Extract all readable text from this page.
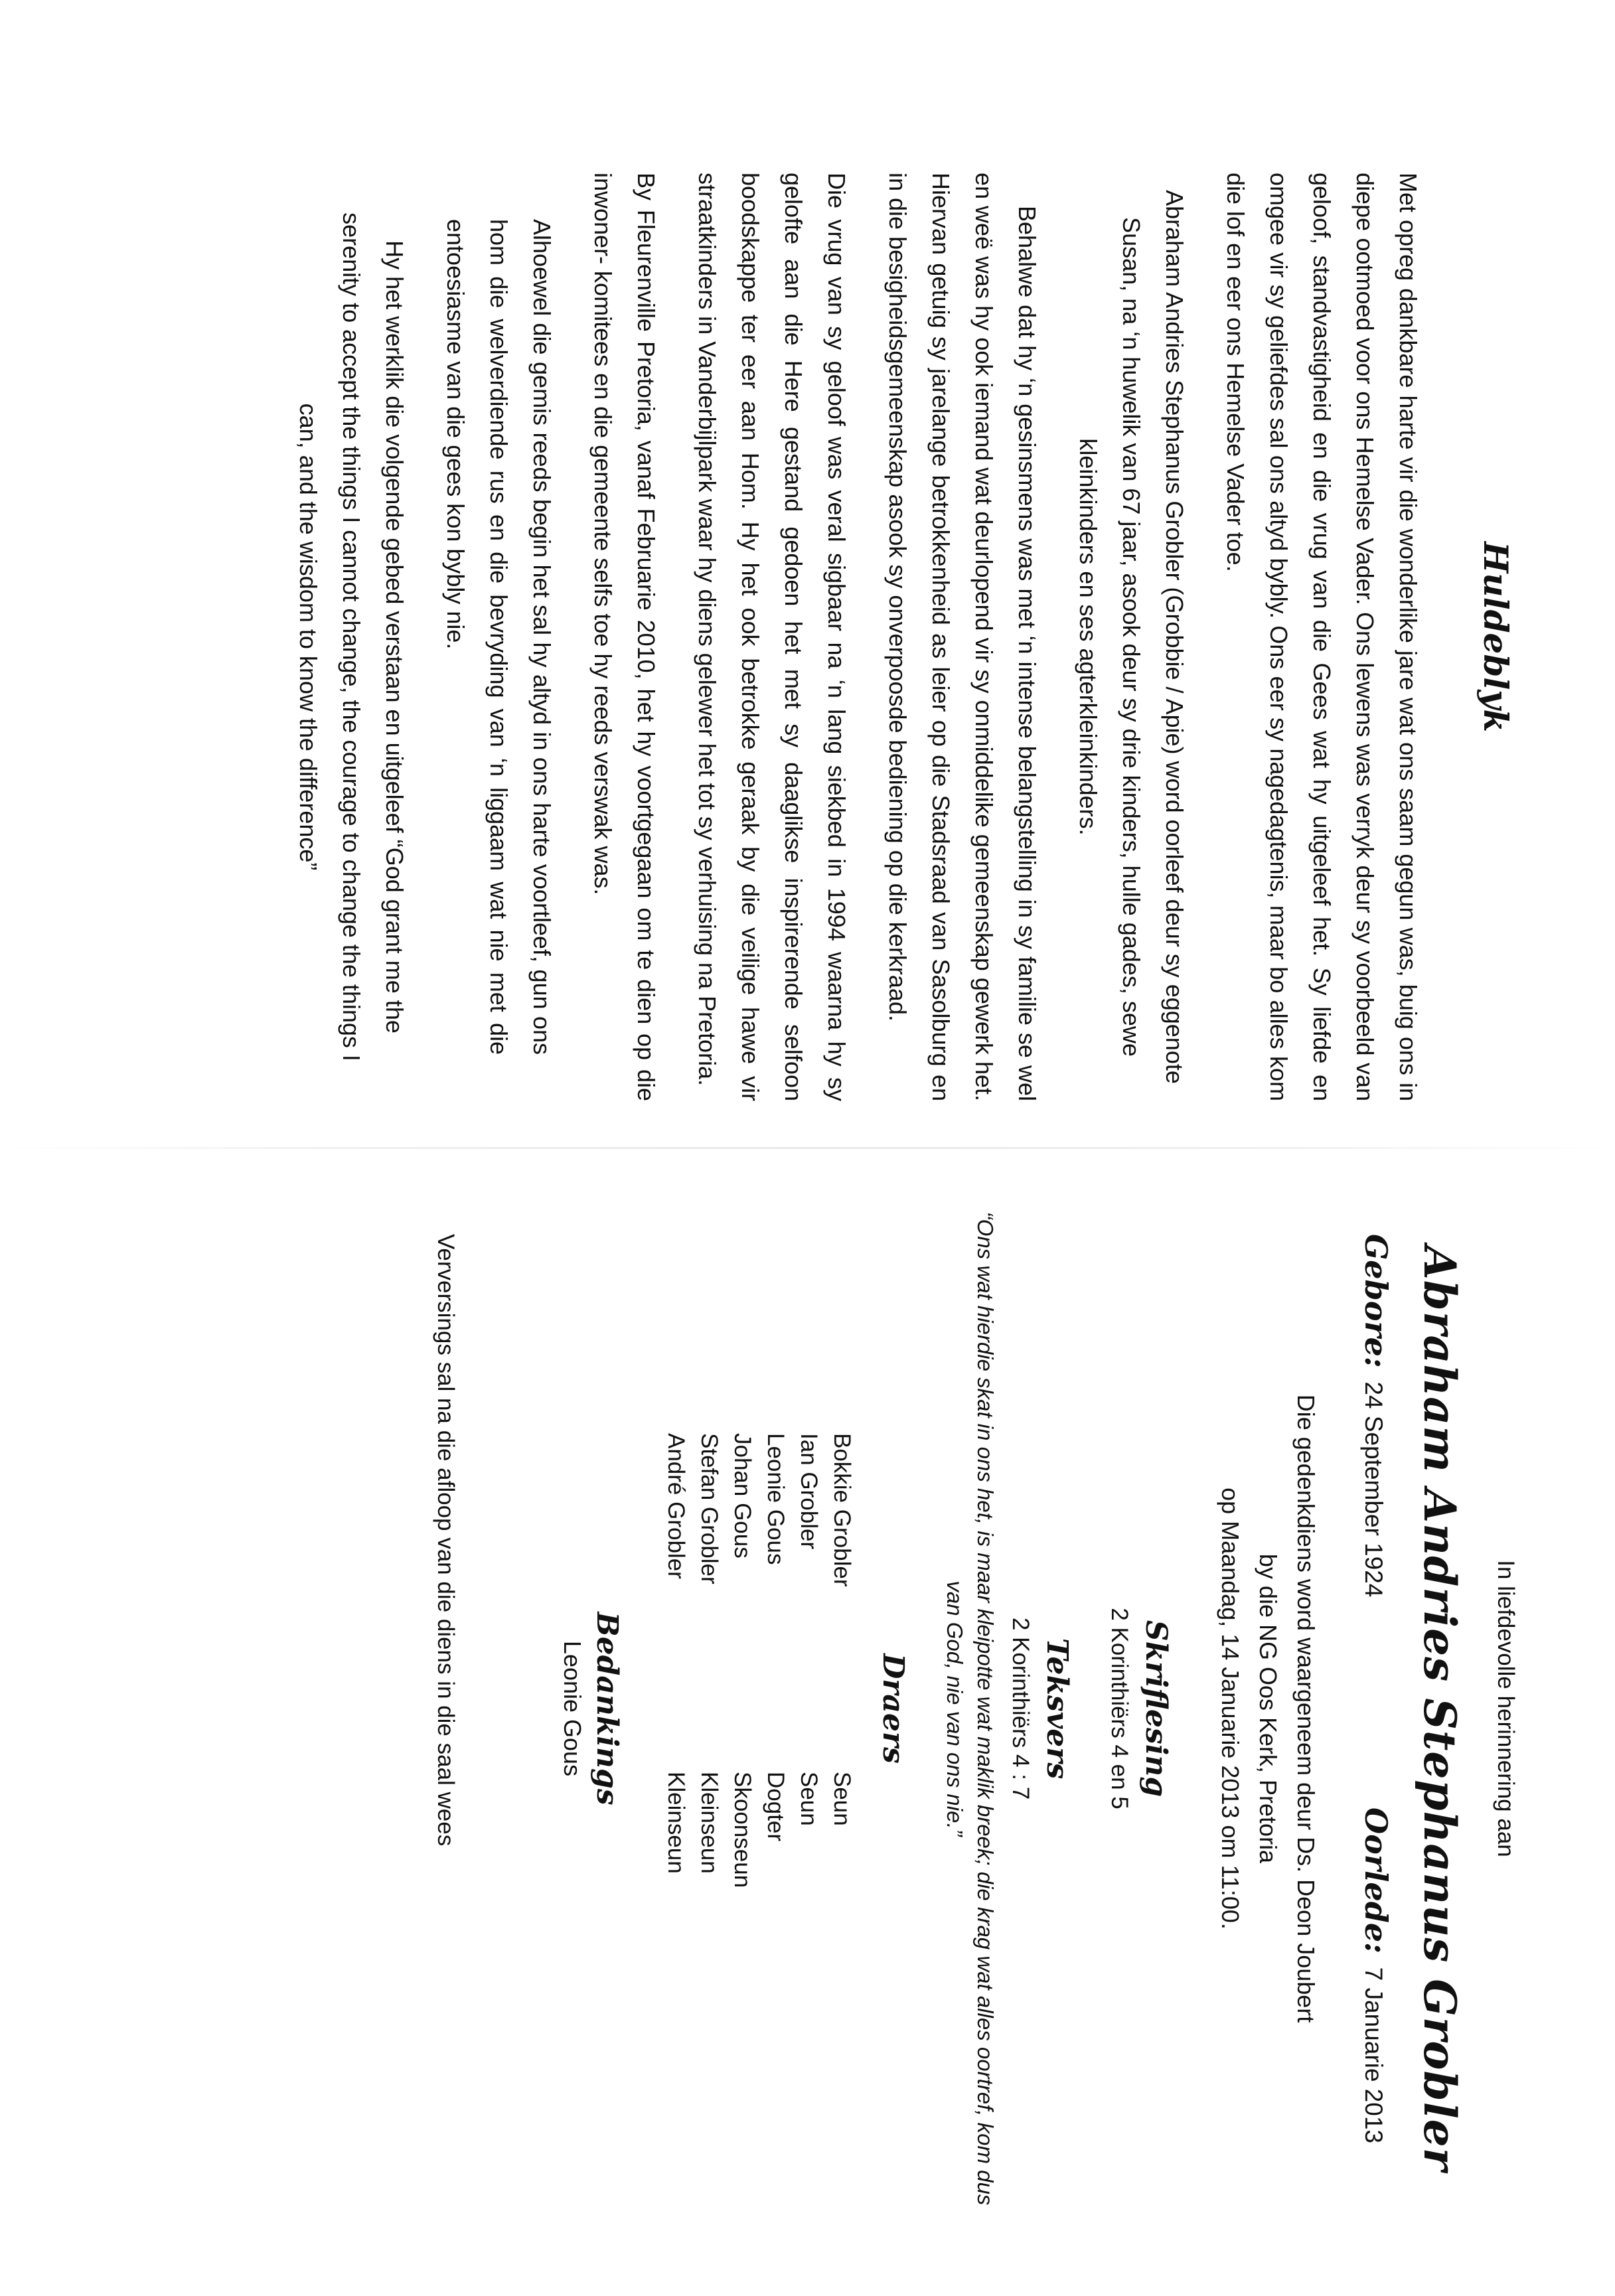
Huldeblyk

Met opreg dankbare harte vir die wonderlike jare wat ons saam gegun was, buig ons in diepe ootmoed voor ons Hemelse Vader. Ons lewens was verryk deur sy voorbeeld van geloof, standvastigheid en die vrug van die Gees wat hy uitgeleef het. Sy liefde en omgee vir sy geliefdes sal ons altyd bybly. Ons eer sy nagedagtenis, maar bo alles kom die lof en eer ons Hemelse Vader toe.

Abraham Andries Stephanus Grobler (Grobbie / Apie) word oorleef deur sy eggenote Susan, na ‘n huwelik van 67 jaar, asook deur sy drie kinders, hulle gades, sewe kleinkinders en ses agterkleinkinders.

Behalwe dat hy ‘n gesinsmens was met ‘n intense belangstelling in sy familie se wel en weë was hy ook iemand wat deurlopend vir sy onmiddelike gemeenskap gewerk het. Hiervan getuig sy jarelange betrokkenheid as leier op die Stadsraad van Sasolburg en in die besigheidsgemeenskap asook sy onverpoosde bediening op die kerkraad.

Die vrug van sy geloof was veral sigbaar na ‘n lang siekbed in 1994 waarna hy sy gelofte aan die Here gestand gedoen het met sy daaglikse inspirerende selfoon boodskappe ter eer aan Hom. Hy het ook betrokke geraak by die veilige hawe vir straatkinders in Vanderbijlpark waar hy diens gelewer het tot sy verhuising na Pretoria.

By Fleurenville Pretoria, vanaf Februarie 2010, het hy voortgegaan om te dien op die inwoner- komitees en die gemeente selfs toe hy reeds verswak was.

Alhoewel die gemis reeds begin het sal hy altyd in ons harte voortleef, gun ons hom die welverdiende rus en die bevryding van ‘n liggaam wat nie met die entoesiasme van die gees kon bybly nie.

Hy het werklik die volgende gebed verstaan en uitgeleef “God grant me the serenity to accept the things I cannot change, the courage to change the things I can, and the wisdom to know the difference”

In liefdevolle herinnering aan

Abraham Andries Stephanus Grobler
Gebore: 24 September 1924
Oorlede: 7 Januarie 2013
Die gedenkdiens word waargeneem deur Ds. Deon Joubert
by die NG Oos Kerk, Pretoria
op Maandag, 14 Januarie 2013 om 11:00.
Skriflesing

2 Korinthiërs 4 en 5

Teksvers

2 Korinthiërs 4 : 7

“Ons wat hierdie skat in ons het, is maar kleipotte wat maklik breek; die krag wat alles oortref, kom dus van God, nie van ons nie.”

Draers
Bokkie Grobler	Seun
Ian Grobler	Seun
Leonie Gous	Dogter
Johan Gous	Skoonseun
Stefan Grobler	Kleinseun
André Grobler	Kleinseun
Bedankings

Leonie Gous

Verversings sal na die afloop van die diens in die saal wees
